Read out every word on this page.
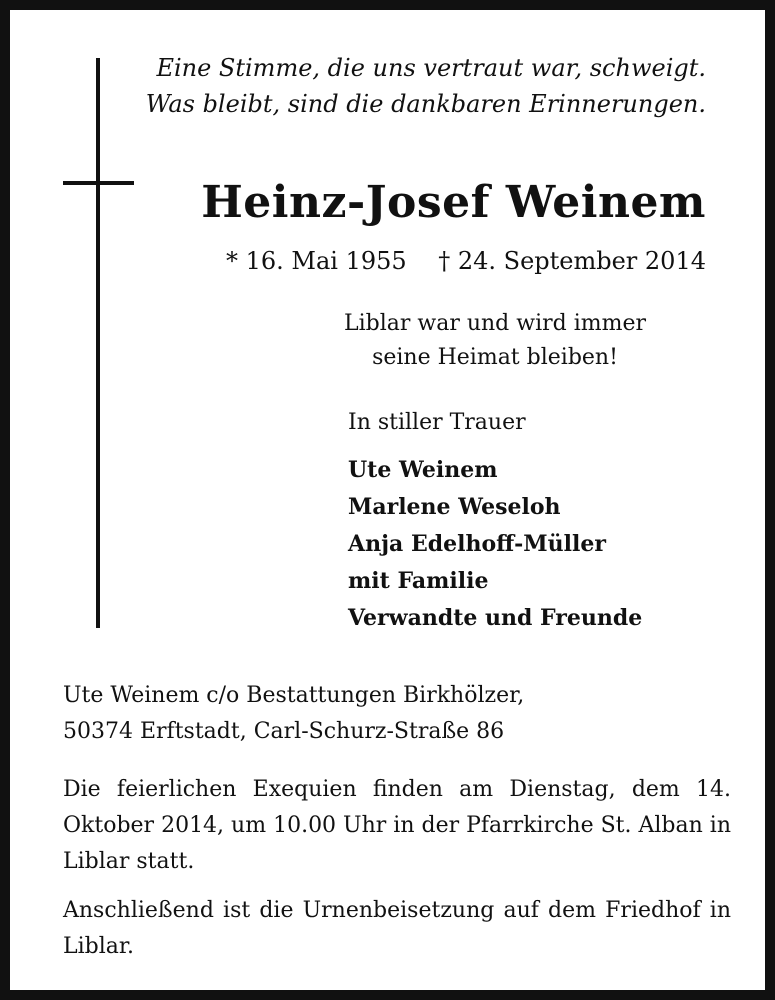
Eine Stimme, die uns vertraut war, schweigt.
Was bleibt, sind die dankbaren Erinnerungen.
Heinz-Josef Weinem
* 16. Mai 1955 † 24. September 2014
Liblar war und wird immer
seine Heimat bleiben!
In stiller Trauer
Ute Weinem
Marlene Weseloh
Anja Edelhoff-Müller
mit Familie
Verwandte und Freunde
Ute Weinem c/o Bestattungen Birkhölzer,
50374 Erftstadt, Carl-Schurz-Straße 86

Die feierlichen Exequien finden am Dienstag, dem 14. Oktober 2014, um 10.00 Uhr in der Pfarrkirche St. Alban in Liblar statt.

Anschließend ist die Urnenbeisetzung auf dem Friedhof in Liblar.
